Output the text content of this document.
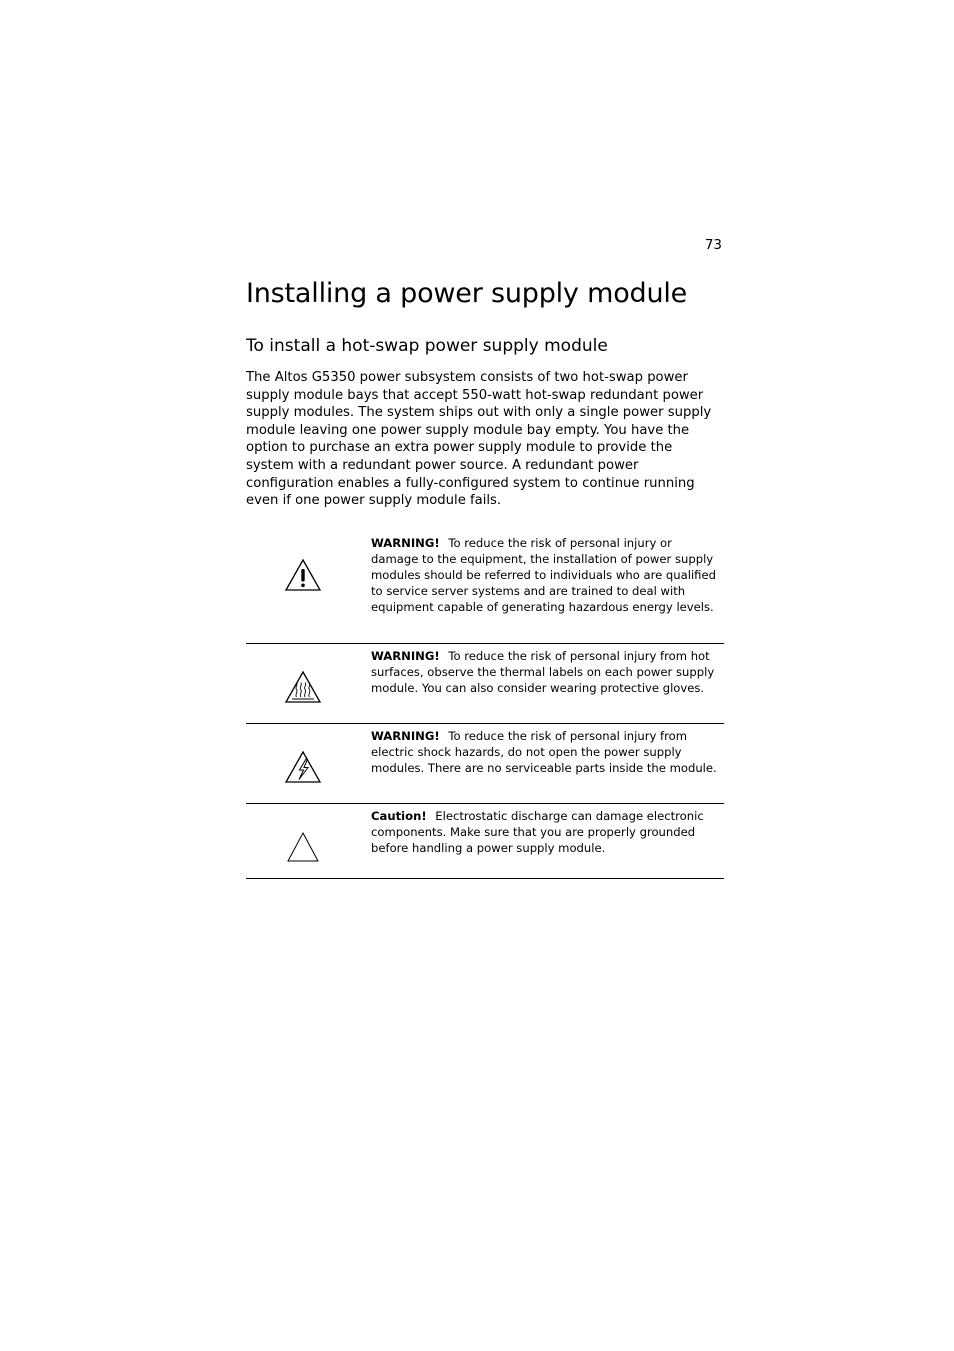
73
Installing a power supply module
To install a hot-swap power supply module

The Altos G5350 power subsystem consists of two hot-swap power supply module bays that accept 550-watt hot-swap redundant power supply modules. The system ships out with only a single power supply module leaving one power supply module bay empty. You have the option to purchase an extra power supply module to provide the system with a redundant power source. A redundant power configuration enables a fully-configured system to continue running even if one power supply module fails.

WARNING! To reduce the risk of personal injury or damage to the equipment, the installation of power supply modules should be referred to individuals who are qualified to service server systems and are trained to deal with equipment capable of generating hazardous energy levels.
WARNING! To reduce the risk of personal injury from hot surfaces, observe the thermal labels on each power supply module. You can also consider wearing protective gloves.
WARNING! To reduce the risk of personal injury from electric shock hazards, do not open the power supply modules. There are no serviceable parts inside the module.
Caution! Electrostatic discharge can damage electronic components. Make sure that you are properly grounded before handling a power supply module.
